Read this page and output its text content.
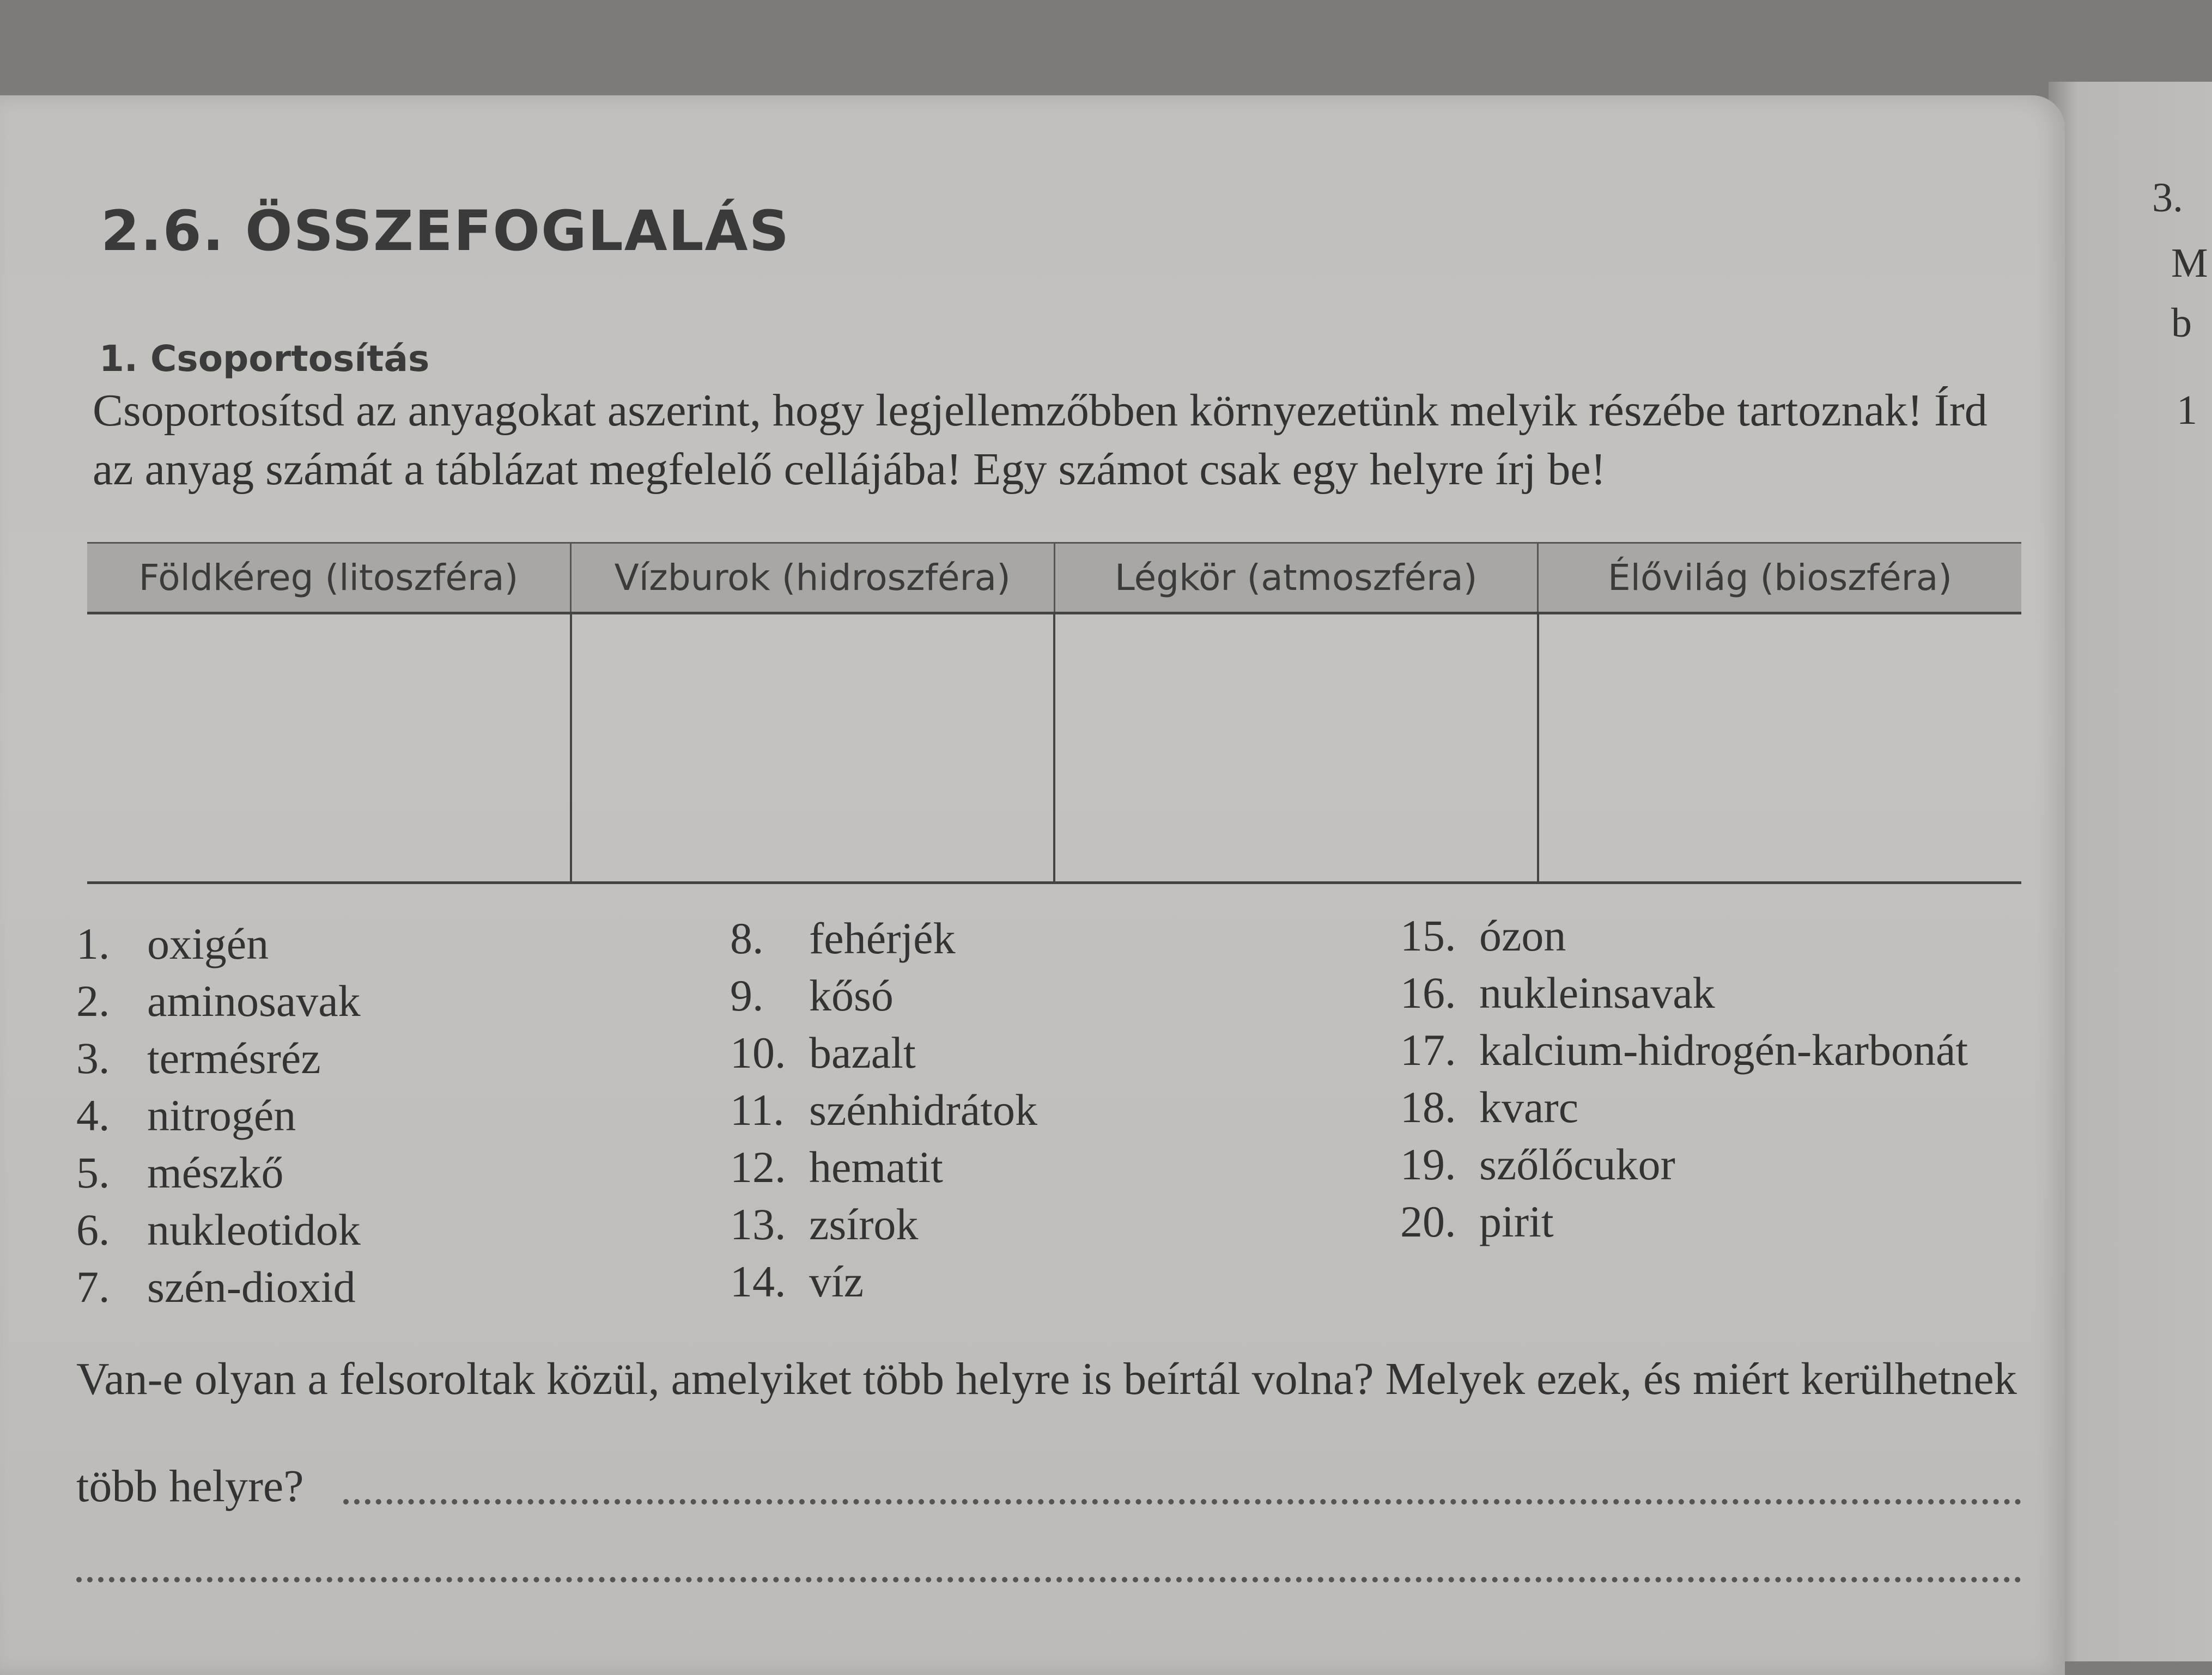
3.
M
b
1
2.6. ÖSSZEFOGLALÁS
1. Csoportosítás

Csoportosítsd az anyagokat aszerint, hogy legjellemzőbben környezetünk melyik részébe tartoznak! Írd az anyag számát a táblázat megfelelő cellájába! Egy számot csak egy helyre írj be!

Földkéreg (litoszféra)	Vízburok (hidroszféra)	Légkör (atmoszféra)	Élővilág (bioszféra)

1. oxigén
2. aminosavak
3. termésréz
4. nitrogén
5. mészkő
6. nukleotidok
7. szén-dioxid
8. fehérjék
9. kősó
10. bazalt
11. szénhidrátok
12. hematit
13. zsírok
14. víz
15. ózon
16. nukleinsavak
17. kalcium-hidrogén-karbonát
18. kvarc
19. szőlőcukor
20. pirit

Van-e olyan a felsoroltak közül, amelyiket több helyre is beírtál volna? Melyek ezek, és miért kerülhetnek

több helyre?
